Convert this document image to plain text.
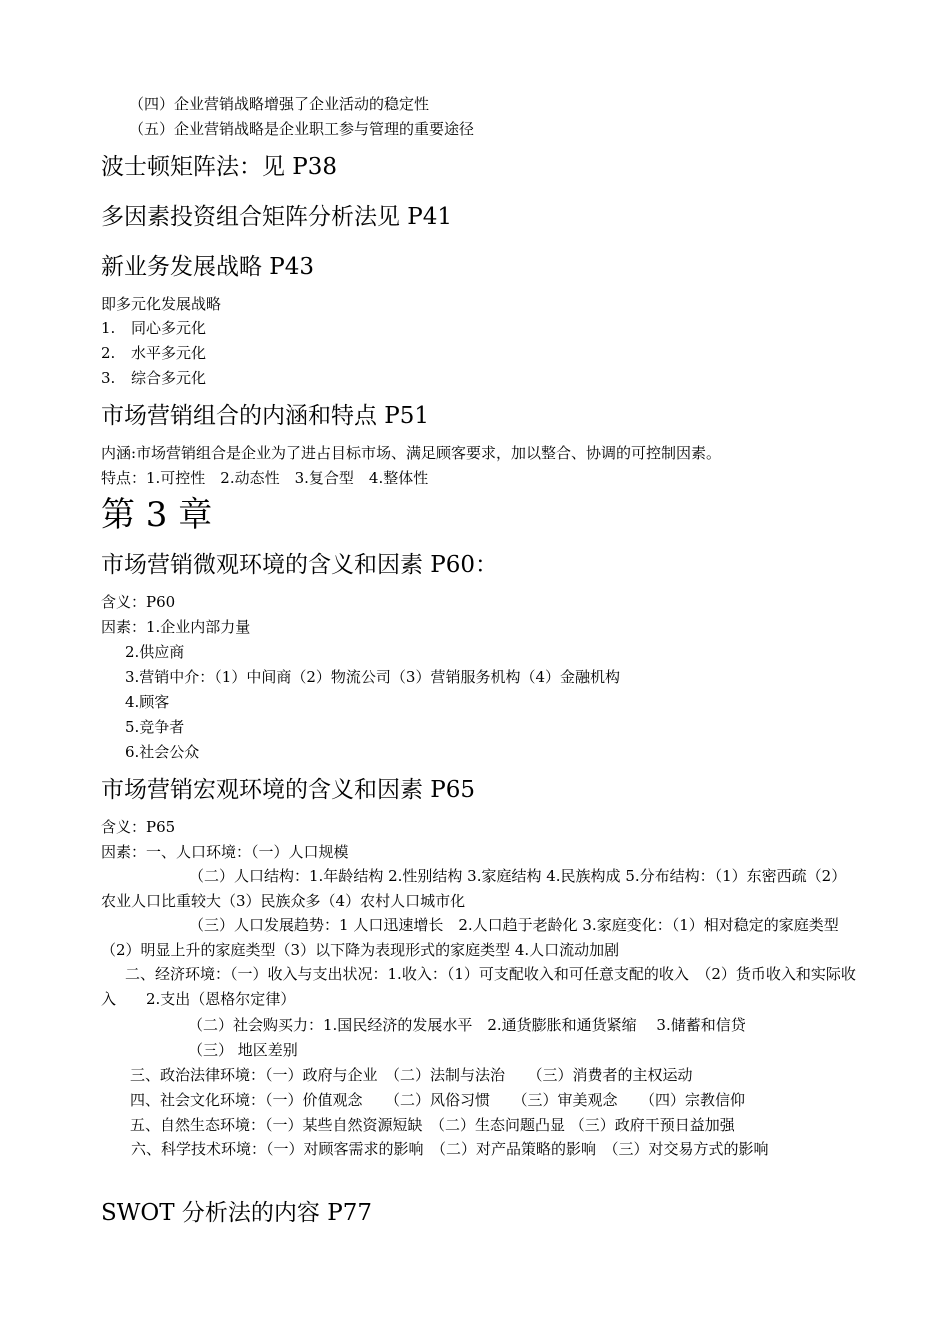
（四）企业营销战略增强了企业活动的稳定性
（五）企业营销战略是企业职工参与管理的重要途径
波士顿矩阵法：见 P38
多因素投资组合矩阵分析法见 P41
新业务发展战略 P43
即多元化发展战略
1. 同心多元化
2. 水平多元化
3. 综合多元化
市场营销组合的内涵和特点 P51
内涵:市场营销组合是企业为了进占目标市场、满足顾客要求，加以整合、协调的可控制因素。
特点：1.可控性　2.动态性　3.复合型　4.整体性
第 3 章
市场营销微观环境的含义和因素 P60：
含义：P60
因素：1.企业内部力量
2.供应商
3.营销中介：（1）中间商（2）物流公司（3）营销服务机构（4）金融机构
4.顾客
5.竞争者
6.社会公众
市场营销宏观环境的含义和因素 P65
含义：P65
因素：一、人口环境：（一）人口规模
（二）人口结构：1.年龄结构 2.性别结构 3.家庭结构 4.民族构成 5.分布结构：（1）东密西疏（2）农业人口比重较大（3）民族众多（4）农村人口城市化
（三）人口发展趋势：1 人口迅速增长　2.人口趋于老龄化 3.家庭变化：（1）相对稳定的家庭类型（2）明显上升的家庭类型（3）以下降为表现形式的家庭类型 4.人口流动加剧
二、经济环境：（一）收入与支出状况：1.收入：（1）可支配收入和可任意支配的收入　（2）货币收入和实际收入　　2.支出（恩格尔定律）
（二）社会购买力：1.国民经济的发展水平　2.通货膨胀和通货紧缩　 3.储蓄和信贷
（三） 地区差别
三、政治法律环境：（一）政府与企业　（二）法制与法治　　（三）消费者的主权运动
四、社会文化环境：（一）价值观念　　（二）风俗习惯　　（三）审美观念　　（四）宗教信仰
五、自然生态环境：（一）某些自然资源短缺　（二）生态问题凸显 （三）政府干预日益加强
六、科学技术环境：（一）对顾客需求的影响　（二）对产品策略的影响　（三）对交易方式的影响
SWOT 分析法的内容 P77
